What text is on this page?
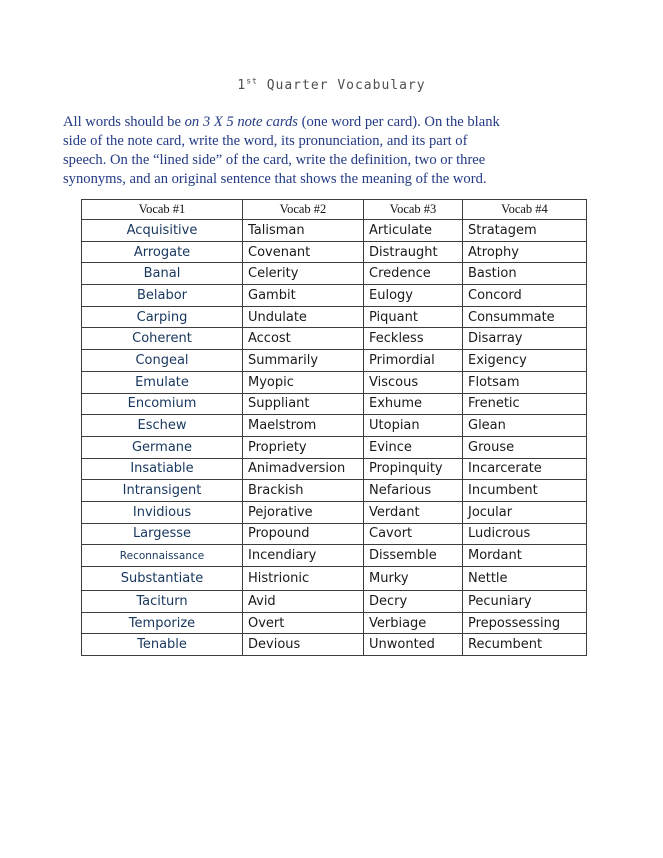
1st Quarter Vocabulary
All words should be on 3 X 5 note cards (one word per card). On the blank
side of the note card, write the word, its pronunciation, and its part of
speech. On the “lined side” of the card, write the definition, two or three
synonyms, and an original sentence that shows the meaning of the word.
Vocab #1	Vocab #2	Vocab #3	Vocab #4
Acquisitive	Talisman	Articulate	Stratagem
Arrogate	Covenant	Distraught	Atrophy
Banal	Celerity	Credence	Bastion
Belabor	Gambit	Eulogy	Concord
Carping	Undulate	Piquant	Consummate
Coherent	Accost	Feckless	Disarray
Congeal	Summarily	Primordial	Exigency
Emulate	Myopic	Viscous	Flotsam
Encomium	Suppliant	Exhume	Frenetic
Eschew	Maelstrom	Utopian	Glean
Germane	Propriety	Evince	Grouse
Insatiable	Animadversion	Propinquity	Incarcerate
Intransigent	Brackish	Nefarious	Incumbent
Invidious	Pejorative	Verdant	Jocular
Largesse	Propound	Cavort	Ludicrous
Reconnaissance	Incendiary	Dissemble	Mordant
Substantiate	Histrionic	Murky	Nettle
Taciturn	Avid	Decry	Pecuniary
Temporize	Overt	Verbiage	Prepossessing
Tenable	Devious	Unwonted	Recumbent
